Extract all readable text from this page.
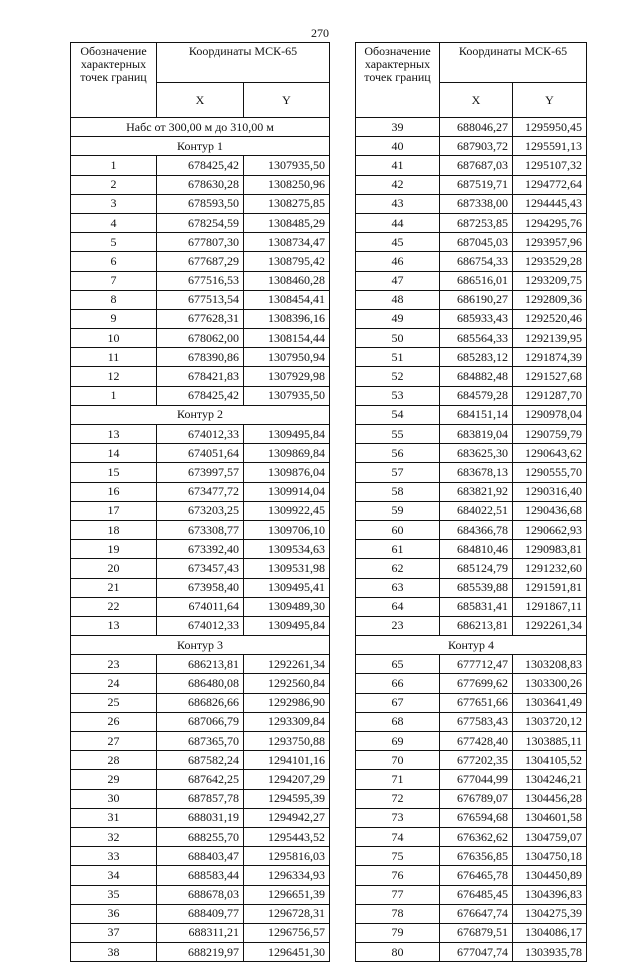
270
Обозначение характерных точек границ	Координаты МСК-65	
	X	Y
Набс от 300,00 м до 310,00 м		
Контур 1		
1	678425,42	1307935,50
2	678630,28	1308250,96
3	678593,50	1308275,85
4	678254,59	1308485,29
5	677807,30	1308734,47
6	677687,29	1308795,42
7	677516,53	1308460,28
8	677513,54	1308454,41
9	677628,31	1308396,16
10	678062,00	1308154,44
11	678390,86	1307950,94
12	678421,83	1307929,98
1	678425,42	1307935,50
Контур 2		
13	674012,33	1309495,84
14	674051,64	1309869,84
15	673997,57	1309876,04
16	673477,72	1309914,04
17	673203,25	1309922,45
18	673308,77	1309706,10
19	673392,40	1309534,63
20	673457,43	1309531,98
21	673958,40	1309495,41
22	674011,64	1309489,30
13	674012,33	1309495,84
Контур 3		
23	686213,81	1292261,34
24	686480,08	1292560,84
25	686826,66	1292986,90
26	687066,79	1293309,84
27	687365,70	1293750,88
28	687582,24	1294101,16
29	687642,25	1294207,29
30	687857,78	1294595,39
31	688031,19	1294942,27
32	688255,70	1295443,52
33	688403,47	1295816,03
34	688583,44	1296334,93
35	688678,03	1296651,39
36	688409,77	1296728,31
37	688311,21	1296756,57
38	688219,97	1296451,30
Обозначение характерных точек границ	Координаты МСК-65	
	X	Y
39	688046,27	1295950,45
40	687903,72	1295591,13
41	687687,03	1295107,32
42	687519,71	1294772,64
43	687338,00	1294445,43
44	687253,85	1294295,76
45	687045,03	1293957,96
46	686754,33	1293529,28
47	686516,01	1293209,75
48	686190,27	1292809,36
49	685933,43	1292520,46
50	685564,33	1292139,95
51	685283,12	1291874,39
52	684882,48	1291527,68
53	684579,28	1291287,70
54	684151,14	1290978,04
55	683819,04	1290759,79
56	683625,30	1290643,62
57	683678,13	1290555,70
58	683821,92	1290316,40
59	684022,51	1290436,68
60	684366,78	1290662,93
61	684810,46	1290983,81
62	685124,79	1291232,60
63	685539,88	1291591,81
64	685831,41	1291867,11
23	686213,81	1292261,34
Контур 4		
65	677712,47	1303208,83
66	677699,62	1303300,26
67	677651,66	1303641,49
68	677583,43	1303720,12
69	677428,40	1303885,11
70	677202,35	1304105,52
71	677044,99	1304246,21
72	676789,07	1304456,28
73	676594,68	1304601,58
74	676362,62	1304759,07
75	676356,85	1304750,18
76	676465,78	1304450,89
77	676485,45	1304396,83
78	676647,74	1304275,39
79	676879,51	1304086,17
80	677047,74	1303935,78
